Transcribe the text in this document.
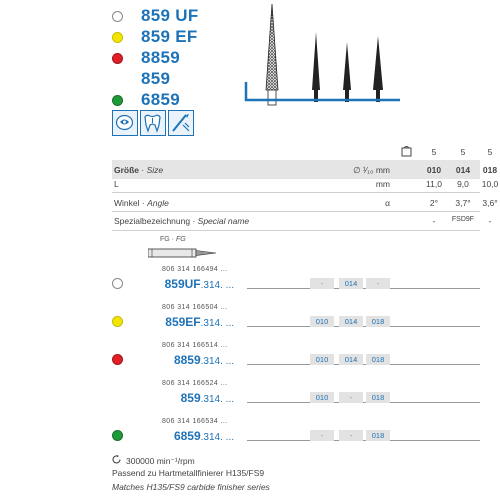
859 UF
859 EF
8859
859
6859
5	5	5
Größe · Size	∅ ¹⁄₁₀ mm	010	014	018
L	mm	11,0	9,0	10,0
Winkel · Angle	α	2°	3,7°	3,6°
Spezialbezeichnung · Special name	-	FSD9F	-
FG · FG
806 314 166494 ...
859UF.314. ...	-	014	-
806 314 166504 ...
859EF.314. ...	010	014	018
806 314 166514 ...
8859.314. ...	010	014	018
806 314 166524 ...
859.314. ...	010	-	018
806 314 166534 ...
6859.314. ...	-	-	018
300000 min⁻¹/rpm
Passend zu Hartmetallfinierer H135/FS9
Matches H135/FS9 carbide finisher series
